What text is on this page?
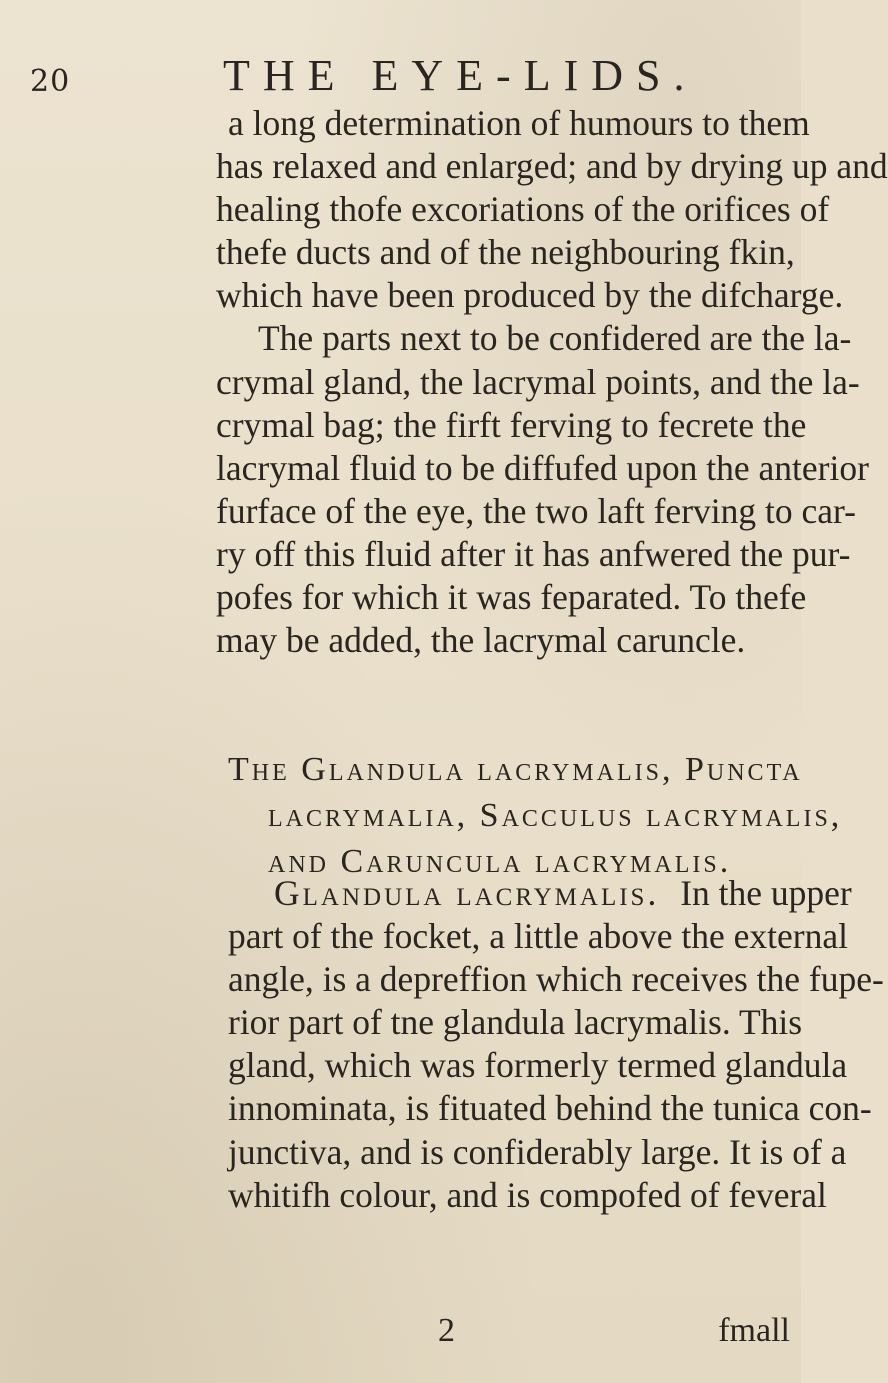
20	THE EYE-LIDS.
a long determination of humours to them
has relaxed and enlarged; and by drying up and
healing thofe excoriations of the orifices of
thefe ducts and of the neighbouring fkin,
which have been produced by the difcharge.
The parts next to be confidered are the la-
crymal gland, the lacrymal points, and the la-
crymal bag; the firft ferving to fecrete the
lacrymal fluid to be diffufed upon the anterior
furface of the eye, the two laft ferving to car-
ry off this fluid after it has anfwered the pur-
pofes for which it was feparated. To thefe
may be added, the lacrymal caruncle.
The Glandula lacrymalis, Puncta
lacrymalia, Sacculus lacrymalis,
and Caruncula lacrymalis.
Glandula lacrymalis. In the upper
part of the focket, a little above the external
angle, is a depreffion which receives the fupe-
rior part of tne glandula lacrymalis. This
gland, which was formerly termed glandula
innominata, is fituated behind the tunica con-
junctiva, and is confiderably large. It is of a
whitifh colour, and is compofed of feveral
2	fmall
